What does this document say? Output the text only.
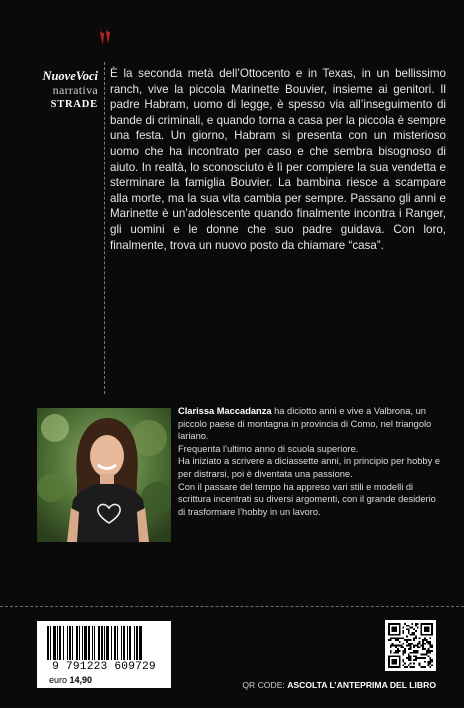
NuoveVoci
narrativa
STRADE
È la seconda metà dell’Ottocento e in Texas, in un bellissimo ranch, vive la piccola Marinette Bouvier, insieme ai genitori. Il padre Habram, uomo di legge, è spesso via all’inseguimento di bande di criminali, e quando torna a casa per la piccola è sempre una festa. Un giorno, Habram si presenta con un misterioso uomo che ha incontrato per caso e che sembra bisognoso di aiuto. In realtà, lo sconosciuto è lì per compiere la sua vendetta e sterminare la famiglia Bouvier. La bambina riesce a scampare alla morte, ma la sua vita cambia per sempre. Passano gli anni e Marinette è un’adolescente quando finalmente incontra i Ranger, gli uomini e le donne che suo padre guidava. Con loro, finalmente, trova un nuovo posto da chiamare “casa”.

Clarissa Maccadanza ha diciotto anni e vive a Valbrona, un piccolo paese di montagna in provincia di Como, nel triangolo lariano.

Frequenta l’ultimo anno di scuola superiore.

Ha iniziato a scrivere a diciassette anni, in principio per hobby e per distrarsi, poi è diventata una passione.

Con il passare del tempo ha appreso vari stili e modelli di scrittura incentrati su diversi argomenti, con il grande desiderio di trasformare l’hobby in un lavoro.

9 791223 609729
euro 14,90	QR CODE: ASCOLTA L’ANTEPRIMA DEL LIBRO
